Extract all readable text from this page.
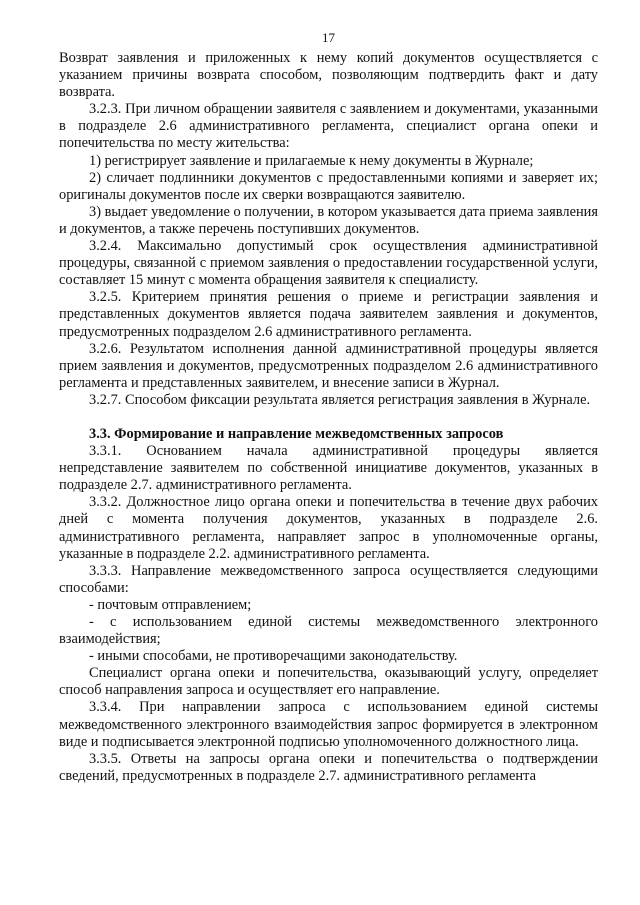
17

Возврат заявления и приложенных к нему копий документов осуществляется с указанием причины возврата способом, позволяющим подтвердить факт и дату возврата.

3.2.3. При личном обращении заявителя с заявлением и документами, указанными в подразделе 2.6 административного регламента, специалист органа опеки и попечительства по месту жительства:

1) регистрирует заявление и прилагаемые к нему документы в Журнале;

2) сличает подлинники документов с предоставленными копиями и заверяет их; оригиналы документов после их сверки возвращаются заявителю.

3) выдает уведомление о получении, в котором указывается дата приема заявления и документов, а также перечень поступивших документов.

3.2.4. Максимально допустимый срок осуществления административной процедуры, связанной с приемом заявления о предоставлении государственной услуги, составляет 15 минут с момента обращения заявителя к специалисту.

3.2.5. Критерием принятия решения о приеме и регистрации заявления и представленных документов является подача заявителем заявления и документов, предусмотренных подразделом 2.6 административного регламента.

3.2.6. Результатом исполнения данной административной процедуры является прием заявления и документов, предусмотренных подразделом 2.6 административного регламента и представленных заявителем, и внесение записи в Журнал.

3.2.7. Способом фиксации результата является регистрация заявления в Журнале.

3.3. Формирование и направление межведомственных запросов

3.3.1. Основанием начала административной процедуры является непредставление заявителем по собственной инициативе документов, указанных в подразделе 2.7. административного регламента.

3.3.2. Должностное лицо органа опеки и попечительства в течение двух рабочих дней с момента получения документов, указанных в подразделе 2.6. административного регламента, направляет запрос в уполномоченные органы, указанные в подразделе 2.2. административного регламента.

3.3.3. Направление межведомственного запроса осуществляется следующими способами:

- почтовым отправлением;

- с использованием единой системы межведомственного электронного взаимодействия;

- иными способами, не противоречащими законодательству.

Специалист органа опеки и попечительства, оказывающий услугу, определяет способ направления запроса и осуществляет его направление.

3.3.4. При направлении запроса с использованием единой системы межведомственного электронного взаимодействия запрос формируется в электронном виде и подписывается электронной подписью уполномоченного должностного лица.

3.3.5. Ответы на запросы органа опеки и попечительства о подтверждении сведений, предусмотренных в подразделе 2.7. административного регламента
